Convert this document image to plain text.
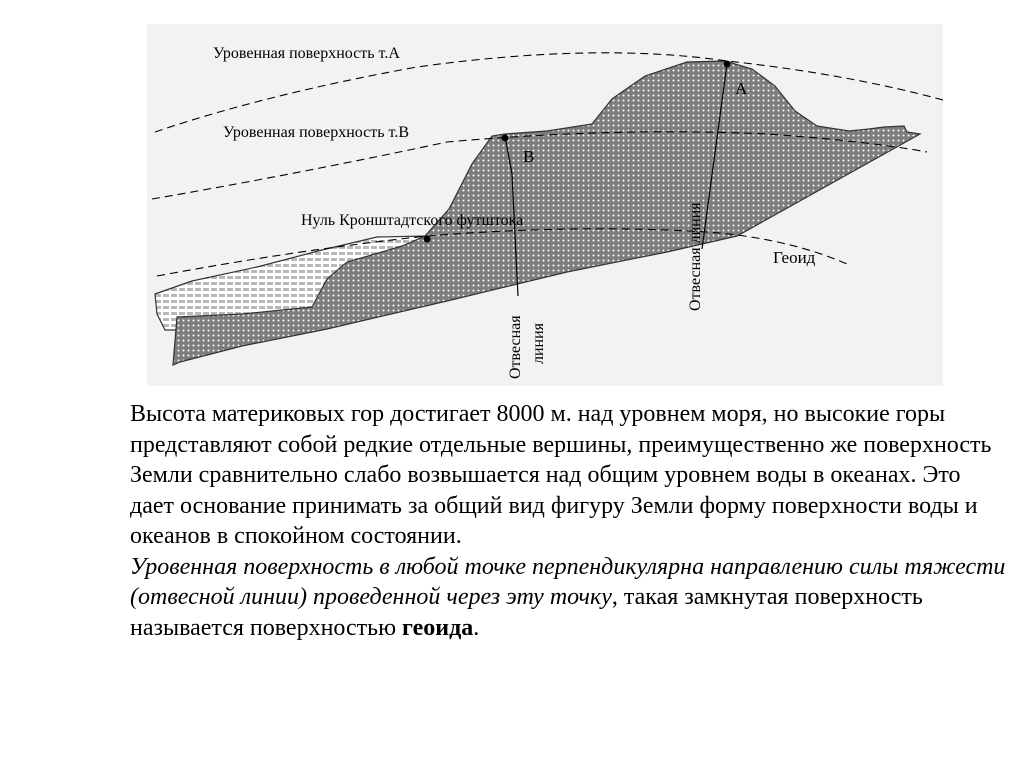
Уровенная поверхность т.А
Уровенная поверхность т.В
Нуль Кронштадтского футштока
Геоид
А
В
Отвесная линия
Отвесная линия

Высота материковых гор достигает 8000 м. над уровнем моря, но высокие горы представляют собой редкие отдельные вершины, преимущественно же поверхность Земли сравнительно слабо возвышается над общим уровнем воды в океанах. Это дает основание принимать за общий вид фигуру Земли форму поверхности воды и океанов в спокойном состоянии.

Уровенная поверхность в любой точке перпендикулярна направлению силы тяжести (отвесной линии) проведенной через эту точку, такая замкнутая поверхность называется поверхностью геоида.
